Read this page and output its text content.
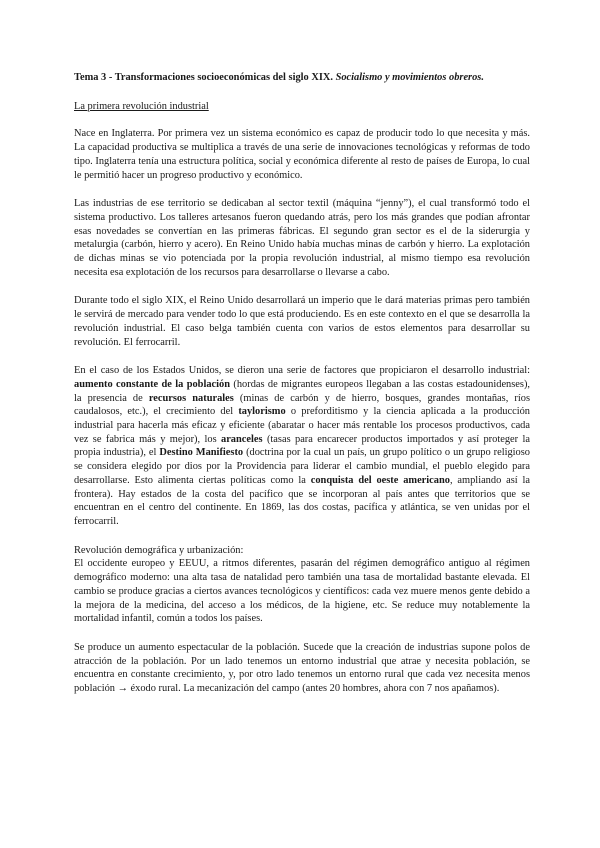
Tema 3 - Transformaciones socioeconómicas del siglo XIX. Socialismo y movimientos obreros.
La primera revolución industrial

Nace en Inglaterra. Por primera vez un sistema económico es capaz de producir todo lo que necesita y más. La capacidad productiva se multiplica a través de una serie de innovaciones tecnológicas y reformas de todo tipo. Inglaterra tenía una estructura política, social y económica diferente al resto de países de Europa, lo cual le permitió hacer un progreso productivo y económico.

Las industrias de ese territorio se dedicaban al sector textil (máquina “jenny”), el cual transformó todo el sistema productivo. Los talleres artesanos fueron quedando atrás, pero los más grandes que podían afrontar esas novedades se convertían en las primeras fábricas. El segundo gran sector es el de la siderurgia y metalurgia (carbón, hierro y acero). En Reino Unido había muchas minas de carbón y hierro. La explotación de dichas minas se vio potenciada por la propia revolución industrial, al mismo tiempo esa revolución necesita esa explotación de los recursos para desarrollarse o llevarse a cabo.

Durante todo el siglo XIX, el Reino Unido desarrollará un imperio que le dará materias primas pero también le servirá de mercado para vender todo lo que está produciendo. Es en este contexto en el que se desarrolla la revolución industrial. El caso belga también cuenta con varios de estos elementos para desarrollar su revolución. El ferrocarril.

En el caso de los Estados Unidos, se dieron una serie de factores que propiciaron el desarrollo industrial: aumento constante de la población (hordas de migrantes europeos llegaban a las costas estadounidenses), la presencia de recursos naturales (minas de carbón y de hierro, bosques, grandes montañas, ríos caudalosos, etc.), el crecimiento del taylorismo o preforditismo y la ciencia aplicada a la producción industrial para hacerla más eficaz y eficiente (abaratar o hacer más rentable los procesos productivos, cada vez se fabrica más y mejor), los aranceles (tasas para encarecer productos importados y así proteger la propia industria), el Destino Manifiesto (doctrina por la cual un país, un grupo político o un grupo religioso se considera elegido por dios por la Providencia para liderar el cambio mundial, el pueblo elegido para desarrollarse. Esto alimenta ciertas políticas como la conquista del oeste americano, ampliando así la frontera). Hay estados de la costa del pacífico que se incorporan al país antes que territorios que se encuentran en el centro del continente. En 1869, las dos costas, pacífica y atlántica, se ven unidas por el ferrocarril.

Revolución demográfica y urbanización:

El occidente europeo y EEUU, a ritmos diferentes, pasarán del régimen demográfico antiguo al régimen demográfico moderno: una alta tasa de natalidad pero también una tasa de mortalidad bastante elevada. El cambio se produce gracias a ciertos avances tecnológicos y científicos: cada vez muere menos gente debido a la mejora de la medicina, del acceso a los médicos, de la higiene, etc. Se reduce muy notablemente la mortalidad infantil, común a todos los países.

Se produce un aumento espectacular de la población. Sucede que la creación de industrias supone polos de atracción de la población. Por un lado tenemos un entorno industrial que atrae y necesita población, se encuentra en constante crecimiento, y, por otro lado tenemos un entorno rural que cada vez necesita menos población → éxodo rural. La mecanización del campo (antes 20 hombres, ahora con 7 nos apañamos).
